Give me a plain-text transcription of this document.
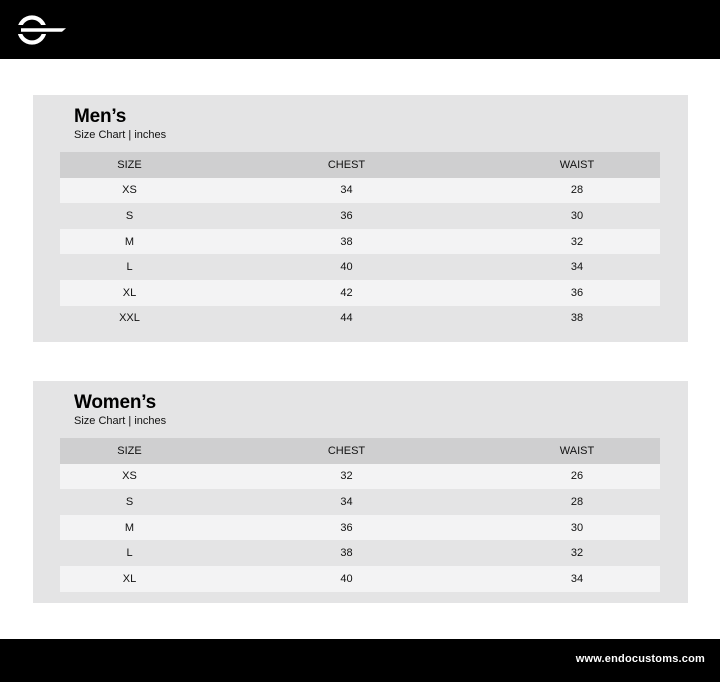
Men’s
Size Chart | inches
SIZE	CHEST	WAIST
XS	34	28
S	36	30
M	38	32
L	40	34
XL	42	36
XXL	44	38
Women’s
Size Chart | inches
SIZE	CHEST	WAIST
XS	32	26
S	34	28
M	36	30
L	38	32
XL	40	34
www.endocustoms.com
